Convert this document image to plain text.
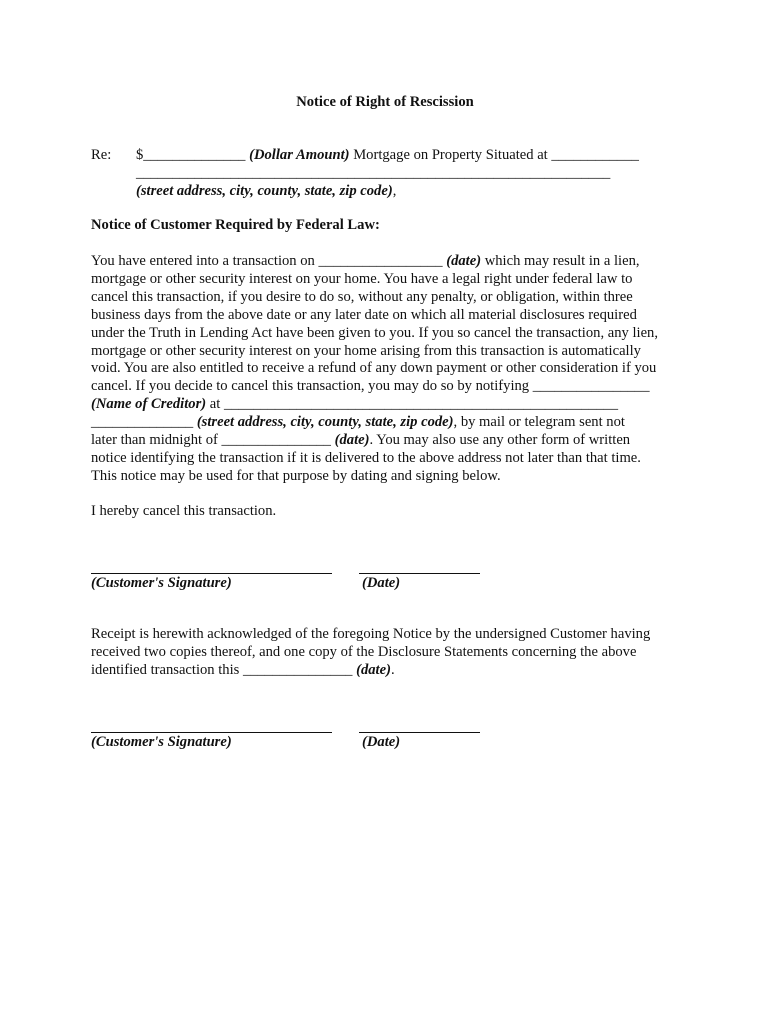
Notice of Right of Rescission
Re: $______________ (Dollar Amount) Mortgage on Property Situated at ____________
_________________________________________________________________
(street address, city, county, state, zip code),
Notice of Customer Required by Federal Law:
You have entered into a transaction on _________________ (date) which may result in a lien,
mortgage or other security interest on your home. You have a legal right under federal law to
cancel this transaction, if you desire to do so, without any penalty, or obligation, within three
business days from the above date or any later date on which all material disclosures required
under the Truth in Lending Act have been given to you. If you so cancel the transaction, any lien,
mortgage or other security interest on your home arising from this transaction is automatically
void. You are also entitled to receive a refund of any down payment or other consideration if you
cancel. If you decide to cancel this transaction, you may do so by notifying ________________
(Name of Creditor) at ______________________________________________________
______________ (street address, city, county, state, zip code), by mail or telegram sent not
later than midnight of _______________ (date). You may also use any other form of written
notice identifying the transaction if it is delivered to the above address not later than that time.
This notice may be used for that purpose by dating and signing below.
I hereby cancel this transaction.
(Customer's Signature)	(Date)
Receipt is herewith acknowledged of the foregoing Notice by the undersigned Customer having
received two copies thereof, and one copy of the Disclosure Statements concerning the above
identified transaction this _______________ (date).
(Customer's Signature)	(Date)
